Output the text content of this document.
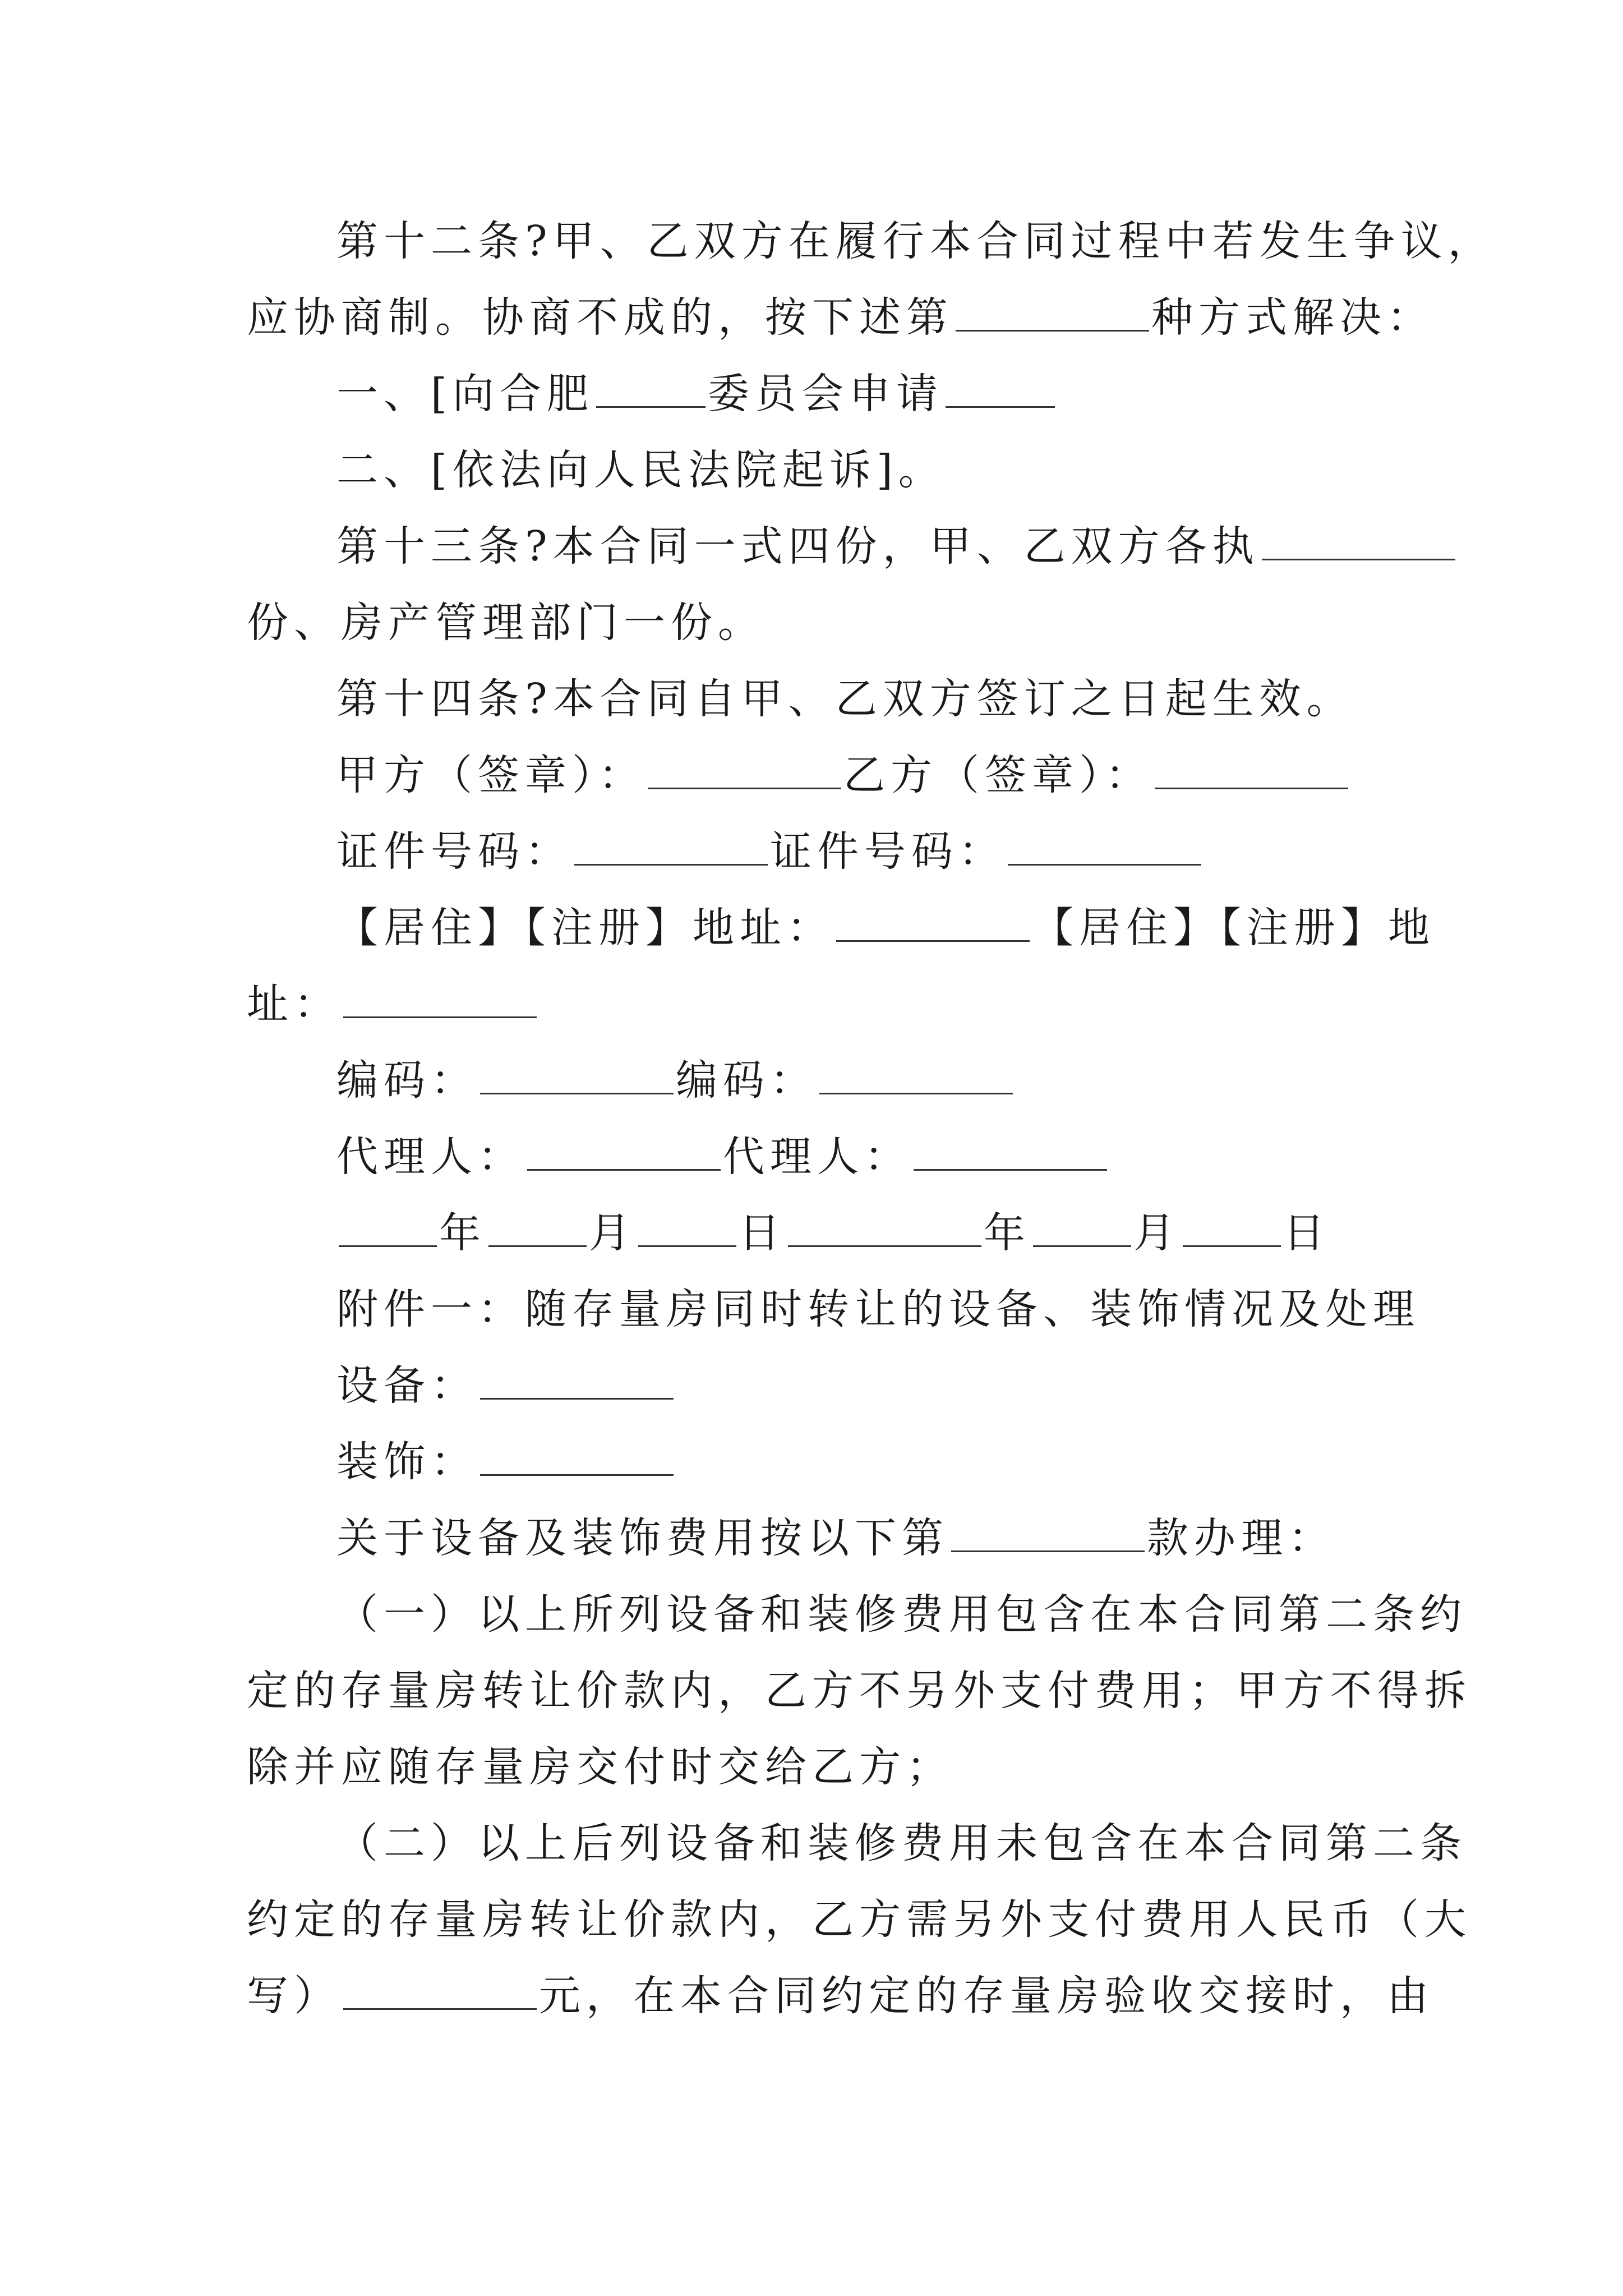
第十二条?甲、乙双方在履行本合同过程中若发生争议，

应协商制。协商不成的，按下述第	种方式解决：

一、[向合肥	委员会申请

二、[依法向人民法院起诉]。

第十三条?本合同一式四份，甲、乙双方各执

份、房产管理部门一份。

第十四条?本合同自甲、乙双方签订之日起生效。

甲方（签章）：	乙方（签章）：

证件号码：	证件号码：

【居住】【注册】地址：	【居住】【注册】地

址：

编码：	编码：

代理人：	代理人：

年 月 日	年 月 日

附件一：随存量房同时转让的设备、装饰情况及处理

设备：

装饰：

关于设备及装饰费用按以下第	款办理：

（一）以上所列设备和装修费用包含在本合同第二条约

定的存量房转让价款内，乙方不另外支付费用；甲方不得拆

除并应随存量房交付时交给乙方；

（二）以上后列设备和装修费用未包含在本合同第二条

约定的存量房转让价款内，乙方需另外支付费用人民币（大

写）	元，在本合同约定的存量房验收交接时，由
